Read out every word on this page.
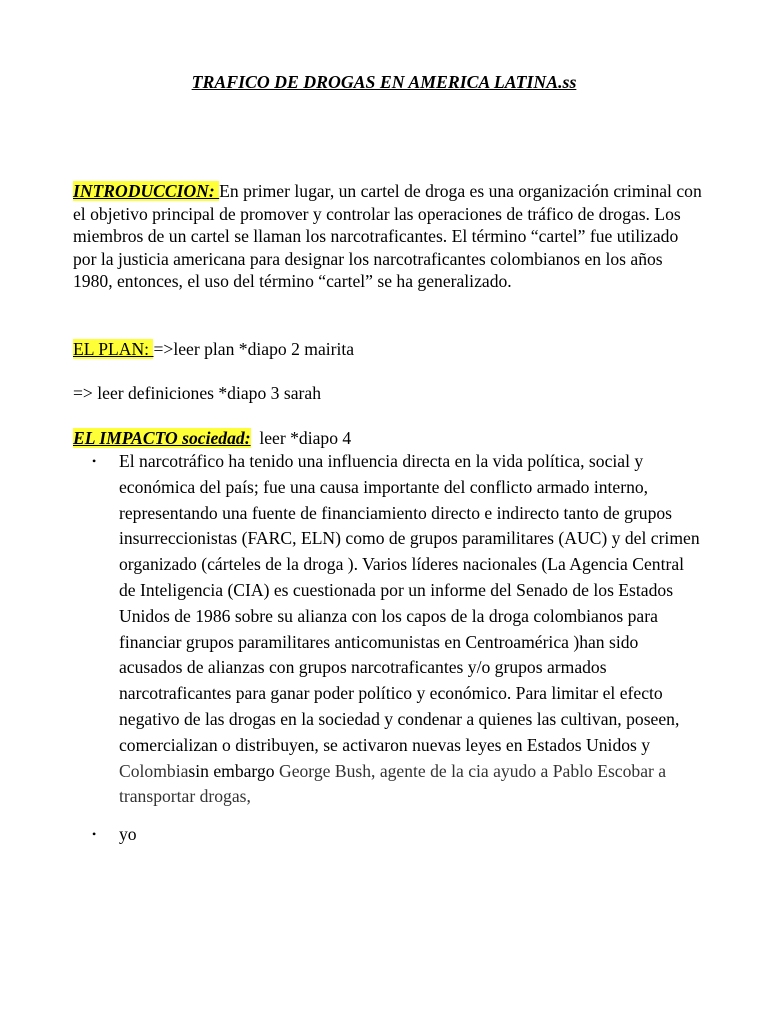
TRAFICO DE DROGAS EN AMERICA LATINA.ss
INTRODUCCION: En primer lugar, un cartel de droga es una organización criminal con el objetivo principal de promover y controlar las operaciones de tráfico de drogas. Los miembros de un cartel se llaman los narcotraficantes. El término “cartel” fue utilizado por la justicia americana para designar los narcotraficantes colombianos en los años 1980, entonces, el uso del término “cartel” se ha generalizado.
EL PLAN: =>leer plan *diapo 2 mairita
=> leer definiciones *diapo 3 sarah
EL IMPACTO sociedad:  leer *diapo 4
• El narcotráfico ha tenido una influencia directa en la vida política, social y económica del país; fue una causa importante del conflicto armado interno, representando una fuente de financiamiento directo e indirecto tanto de grupos insurreccionistas (FARC, ELN) como de grupos paramilitares (AUC) y del crimen organizado (cárteles de la droga ). Varios líderes nacionales (La Agencia Central de Inteligencia (CIA) es cuestionada por un informe del Senado de los Estados Unidos de 1986 sobre su alianza con los capos de la droga colombianos para financiar grupos paramilitares anticomunistas en Centroamérica )han sido acusados de alianzas con grupos narcotraficantes y/o grupos armados narcotraficantes para ganar poder político y económico. Para limitar el efecto negativo de las drogas en la sociedad y condenar a quienes las cultivan, poseen, comercializan o distribuyen, se activaron nuevas leyes en Estados Unidos y Colombiasin embargo George Bush, agente de la cia ayudo a Pablo Escobar a transportar drogas,
• yo
